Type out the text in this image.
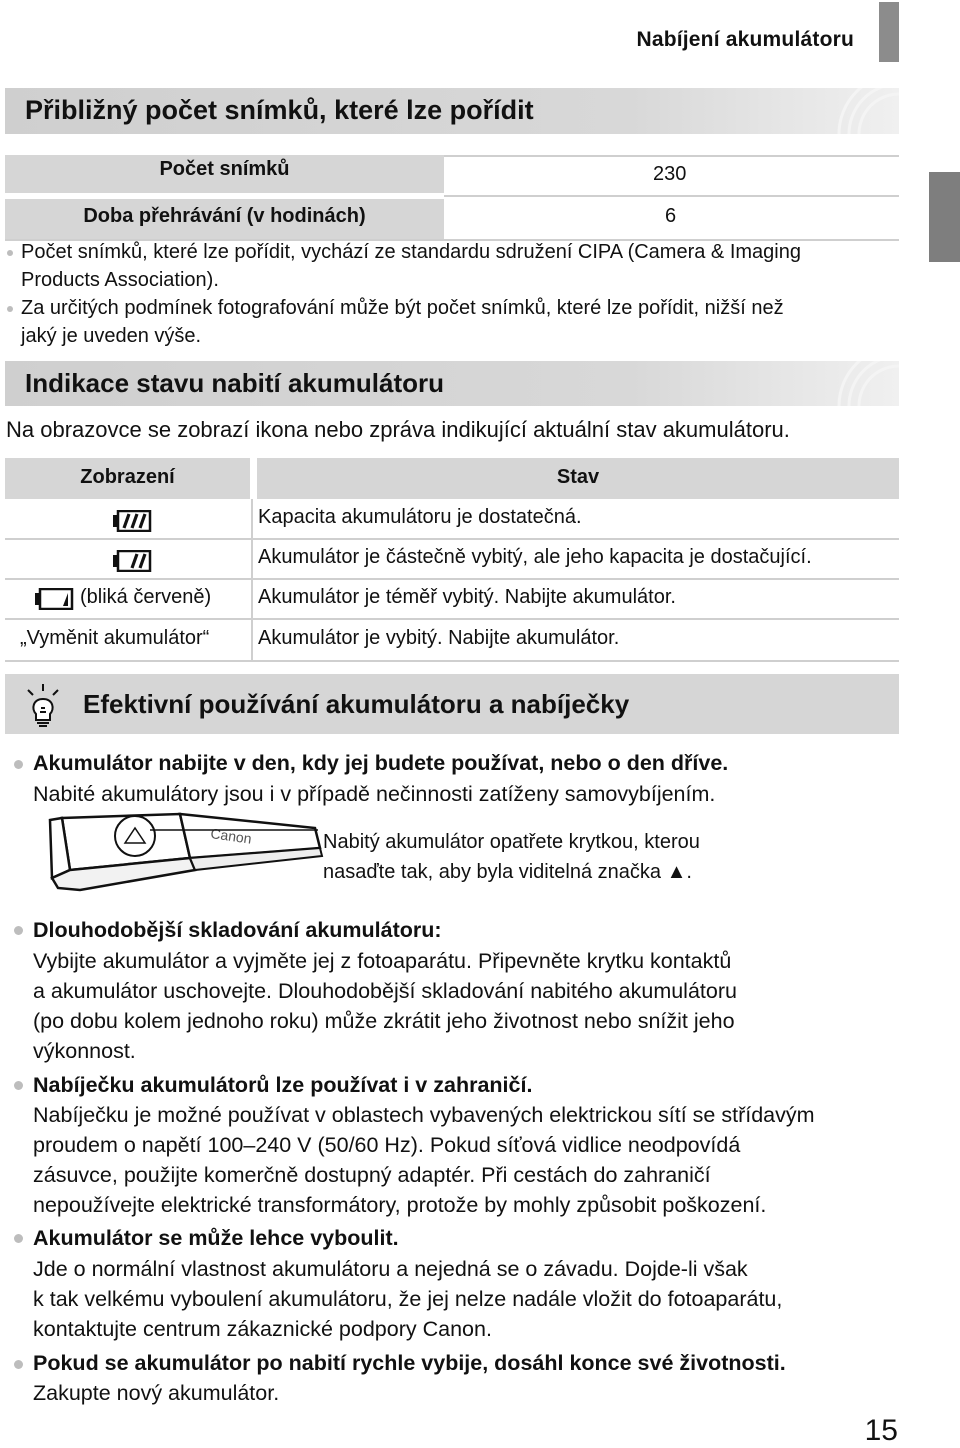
Nabíjení akumulátoru
Přibližný počet snímků, které lze pořídit
Počet snímků
Doba přehrávání (v hodinách)
230
6
Počet snímků, které lze pořídit, vychází ze standardu sdružení CIPA (Camera & Imaging
Products Association).
Za určitých podmínek fotografování může být počet snímků, které lze pořídit, nižší než
jaký je uveden výše.
Indikace stavu nabití akumulátoru
Na obrazovce se zobrazí ikona nebo zpráva indikující aktuální stav akumulátoru.
Zobrazení	Stav
Kapacita akumulátoru je dostatečná.
Akumulátor je částečně vybitý, ale jeho kapacita je dostačující.
(bliká červeně) Akumulátor je téměř vybitý. Nabijte akumulátor.
„Vyměnit akumulátor“ Akumulátor je vybitý. Nabijte akumulátor.
Efektivní používání akumulátoru a nabíječky
Akumulátor nabijte v den, kdy jej budete používat, nebo o den dříve.
Nabité akumulátory jsou i v případě nečinnosti zatíženy samovybíjením.
Canon	Nabitý akumulátor opatřete krytkou, kterou
nasaďte tak, aby byla viditelná značka ▲.
Dlouhodobější skladování akumulátoru:
Vybijte akumulátor a vyjměte jej z fotoaparátu. Připevněte krytku kontaktů
a akumulátor uschovejte. Dlouhodobější skladování nabitého akumulátoru
(po dobu kolem jednoho roku) může zkrátit jeho životnost nebo snížit jeho
výkonnost.
Nabíječku akumulátorů lze používat i v zahraničí.
Nabíječku je možné používat v oblastech vybavených elektrickou sítí se střídavým
proudem o napětí 100–240 V (50/60 Hz). Pokud síťová vidlice neodpovídá
zásuvce, použijte komerčně dostupný adaptér. Při cestách do zahraničí
nepoužívejte elektrické transformátory, protože by mohly způsobit poškození.
Akumulátor se může lehce vyboulit.
Jde o normální vlastnost akumulátoru a nejedná se o závadu. Dojde-li však
k tak velkému vyboulení akumulátoru, že jej nelze nadále vložit do fotoaparátu,
kontaktujte centrum zákaznické podpory Canon.
Pokud se akumulátor po nabití rychle vybije, dosáhl konce své životnosti.
Zakupte nový akumulátor.
15
